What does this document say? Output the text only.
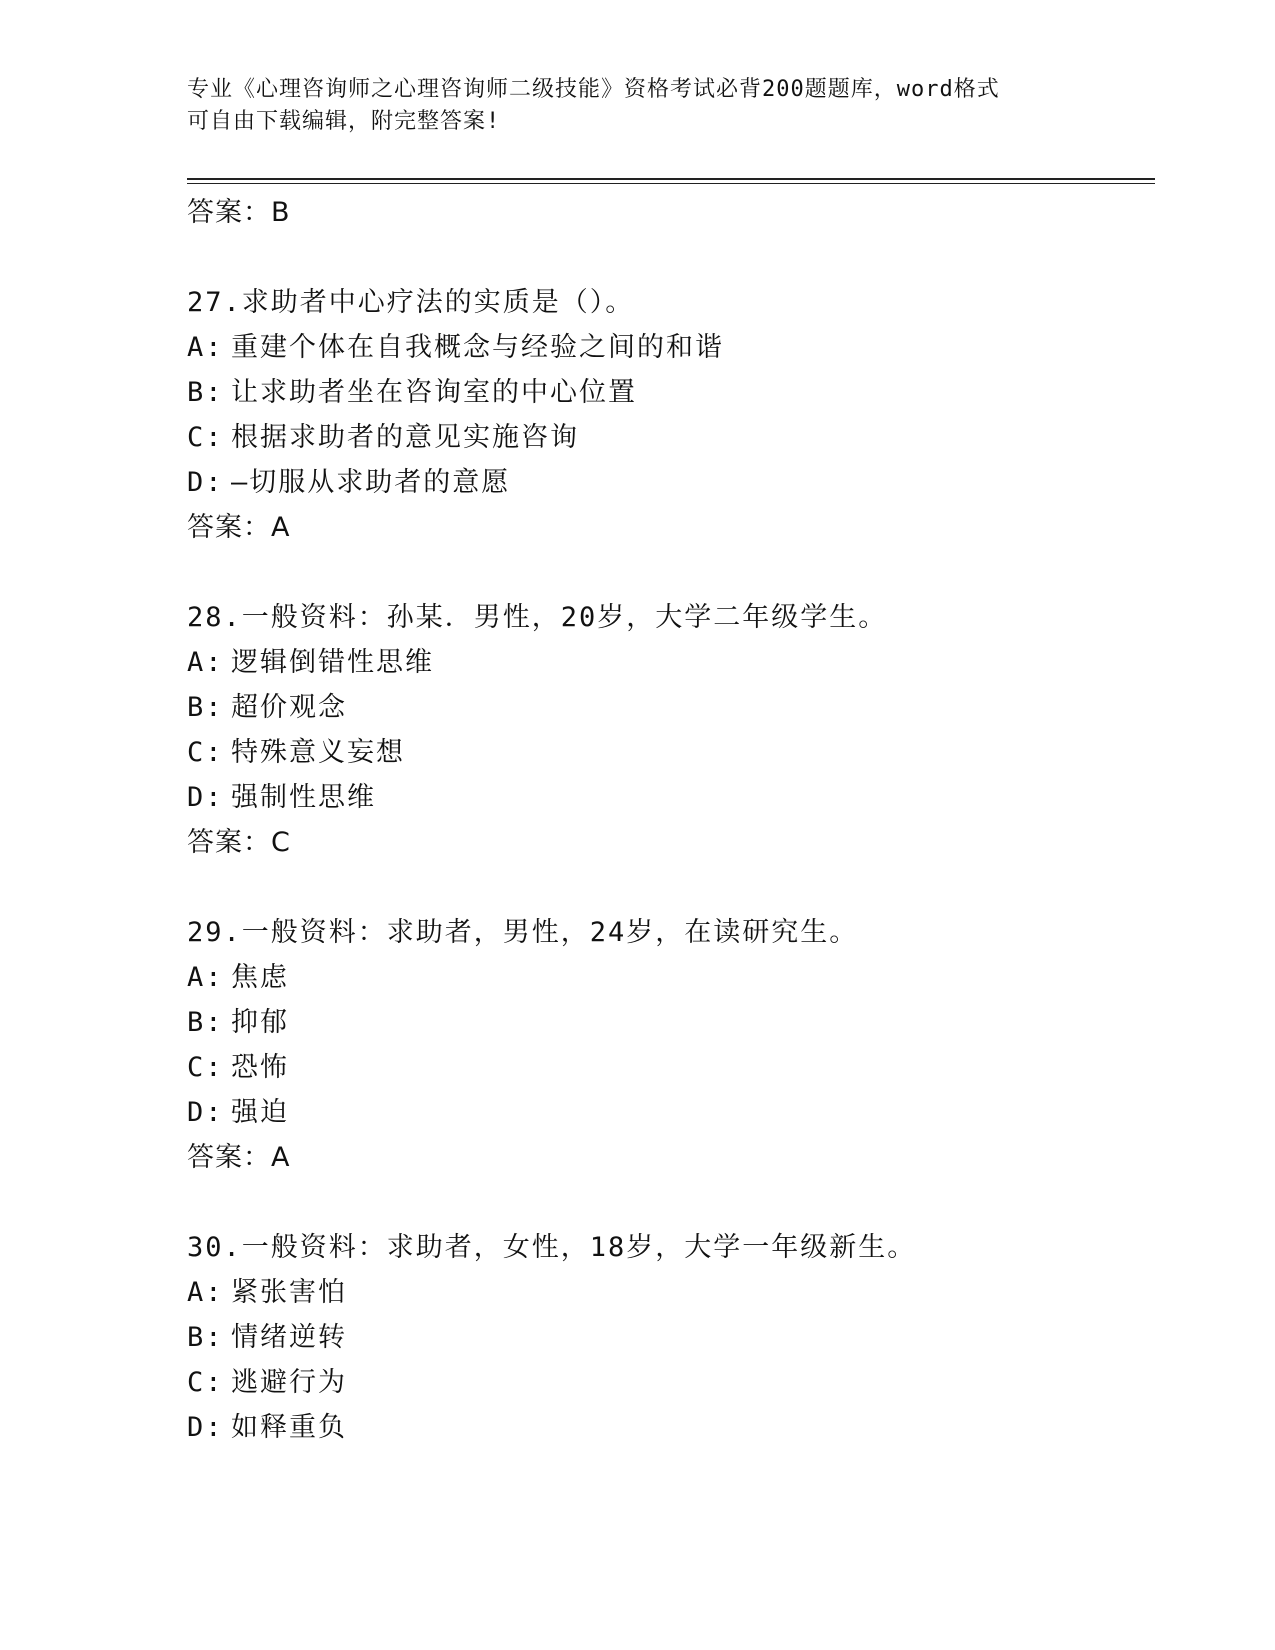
专业《心理咨询师之心理咨询师二级技能》资格考试必背200题题库，word格式
可自由下载编辑，附完整答案!
答案：B
27.求助者中心疗法的实质是（）。
A: 重建个体在自我概念与经验之间的和谐
B: 让求助者坐在咨询室的中心位置
C: 根据求助者的意见实施咨询
D: —切服从求助者的意愿
答案：A
28.一般资料：孙某．男性，20岁，大学二年级学生。
A: 逻辑倒错性思维
B: 超价观念
C: 特殊意义妄想
D: 强制性思维
答案：C
29.一般资料：求助者，男性，24岁，在读研究生。
A: 焦虑
B: 抑郁
C: 恐怖
D: 强迫
答案：A
30.一般资料：求助者，女性，18岁，大学一年级新生。
A: 紧张害怕
B: 情绪逆转
C: 逃避行为
D: 如释重负
